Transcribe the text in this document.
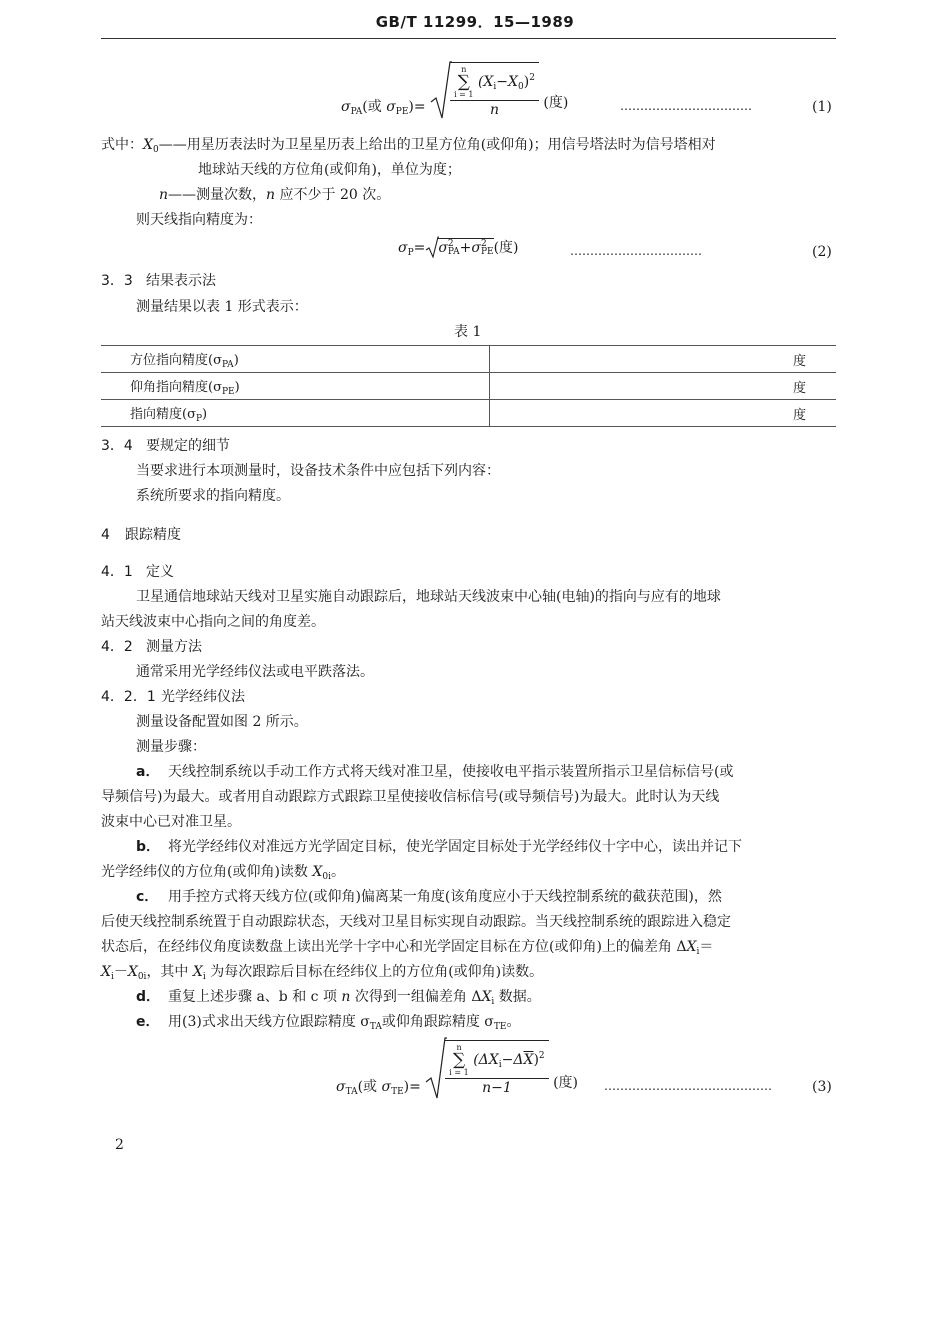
GB/T 11299．15—1989
$\sigma_{PA}$(或 $\sigma_{PE})=$	n
∑
i = 1
$(X_i-X_0)^2$
n (度)	……………………………	(1)
式中：$X_0——$用星历表法时为卫星星历表上给出的卫星方位角(或仰角)；用信号塔法时为信号塔相对
地球站天线的方位角(或仰角)，单位为度；
n——测量次数，n 应不少于 20 次。
则天线指向精度为：
$\sigma_P= \sigma$ 2
PA +σ 2
PE (度)	……………………………	(2)
3．3 结果表示法
测量结果以表 1 形式表示：
表 1
方位指向精度$(\sigma_{PA})$	度
仰角指向精度$(\sigma_{PE})$	度
指向精度$(\sigma_P)$	度
3．4 要规定的细节
当要求进行本项测量时，设备技术条件中应包括下列内容：
系统所要求的指向精度。
4 跟踪精度
4．1 定义
卫星通信地球站天线对卫星实施自动跟踪后，地球站天线波束中心轴(电轴)的指向与应有的地球
站天线波束中心指向之间的角度差。
4．2 测量方法
通常采用光学经纬仪法或电平跌落法。
4．2．1 光学经纬仪法
测量设备配置如图 2 所示。
测量步骤：
a． 天线控制系统以手动工作方式将天线对准卫星，使接收电平指示装置所指示卫星信标信号(或
导频信号)为最大。或者用自动跟踪方式跟踪卫星使接收信标信号(或导频信号)为最大。此时认为天线
波束中心已对准卫星。
b． 将光学经纬仪对准远方光学固定目标，使光学固定目标处于光学经纬仪十字中心，读出并记下
光学经纬仪的方位角(或仰角)读数 $X_{0i}$。
c． 用手控方式将天线方位(或仰角)偏离某一角度(该角度应小于天线控制系统的截获范围)，然
后使天线控制系统置于自动跟踪状态，天线对卫星目标实现自动跟踪。当天线控制系统的跟踪进入稳定
状态后，在经纬仪角度读数盘上读出光学十字中心和光学固定目标在方位(或仰角)上的偏差角 $\Delta X_i=$
$X_i-X_{0i}$，其中 $X_i$ 为每次跟踪后目标在经纬仪上的方位角(或仰角)读数。
d． 重复上述步骤 a、b 和 c 项 n 次得到一组偏差角 $\Delta X_i$ 数据。
e． 用(3)式求出天线方位跟踪精度 $\sigma_{TA}$或仰角跟踪精度 $\sigma_{TE}$。
$\sigma_{TA}$(或 $\sigma_{TE})=$	n
∑
i = 1
$(\Delta X_i-\Delta\overline{X})^2$
n−1 (度) ……………………………………	(3)
2
